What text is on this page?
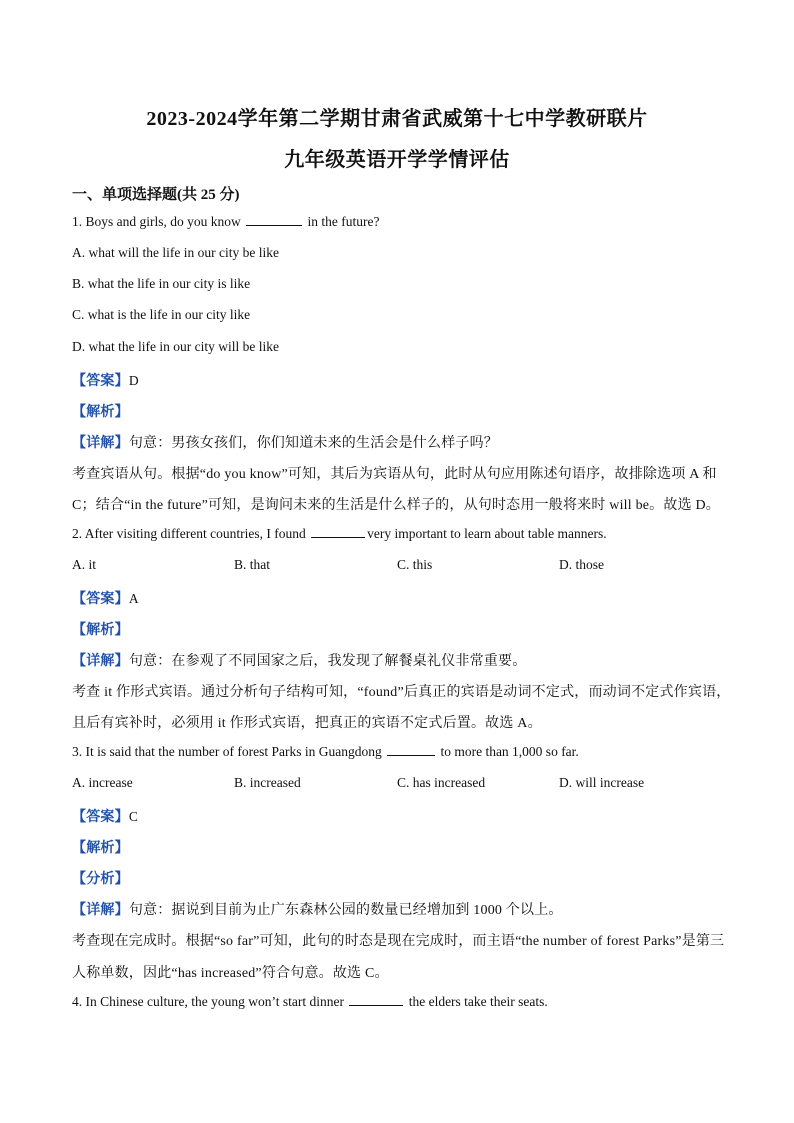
2023-2024学年第二学期甘肃省武威第十七中学教研联片
九年级英语开学学情评估
一、单项选择题(共 25 分)
1. Boys and girls, do you know	in the future?
A. what will the life in our city be like
B. what the life in our city is like
C. what is the life in our city like
D. what the life in our city will be like
【答案】D
【解析】
【详解】句意：男孩女孩们，你们知道未来的生活会是什么样子吗？
考查宾语从句。根据“do you know”可知，其后为宾语从句，此时从句应用陈述句语序，故排除选项 A 和
C；结合“in the future”可知，是询问未来的生活是什么样子的，从句时态用一般将来时 will be。故选 D。
2. After visiting different countries, I found	very important to learn about table manners.
A. it	B. that	C. this	D. those
【答案】A
【解析】
【详解】句意：在参观了不同国家之后，我发现了解餐桌礼仪非常重要。
考查 it 作形式宾语。通过分析句子结构可知，“found”后真正的宾语是动词不定式，而动词不定式作宾语，
且后有宾补时，必须用 it 作形式宾语，把真正的宾语不定式后置。故选 A。
3. It is said that the number of forest Parks in Guangdong	to more than 1,000 so far.
A. increase	B. increased	C. has increased	D. will increase
【答案】C
【解析】
【分析】
【详解】句意：据说到目前为止广东森林公园的数量已经增加到 1000 个以上。
考查现在完成时。根据“so far”可知，此句的时态是现在完成时，而主语“the number of forest Parks”是第三
人称单数，因此“has increased”符合句意。故选 C。
4. In Chinese culture, the young won’t start dinner	the elders take their seats.
